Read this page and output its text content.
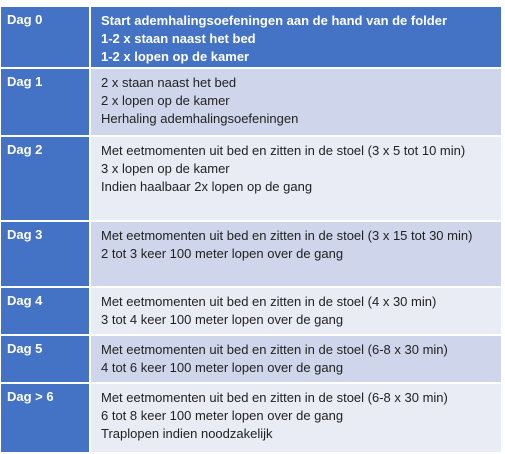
Dag 0	Start ademhalingsoefeningen aan de hand van de folder
1-2 x staan naast het bed
1-2 x lopen op de kamer
Dag 1	2 x staan naast het bed
2 x lopen op de kamer
Herhaling ademhalingsoefeningen
Dag 2	Met eetmomenten uit bed en zitten in de stoel (3 x 5 tot 10 min)
3 x lopen op de kamer
Indien haalbaar 2x lopen op de gang
Dag 3	Met eetmomenten uit bed en zitten in de stoel (3 x 15 tot 30 min)
2 tot 3 keer 100 meter lopen over de gang
Dag 4	Met eetmomenten uit bed en zitten in de stoel (4 x 30 min)
3 tot 4 keer 100 meter lopen over de gang
Dag 5	Met eetmomenten uit bed en zitten in de stoel (6-8 x 30 min)
4 tot 6 keer 100 meter lopen over de gang
Dag > 6	Met eetmomenten uit bed en zitten in de stoel (6-8 x 30 min)
6 tot 8 keer 100 meter lopen over de gang
Traplopen indien noodzakelijk
